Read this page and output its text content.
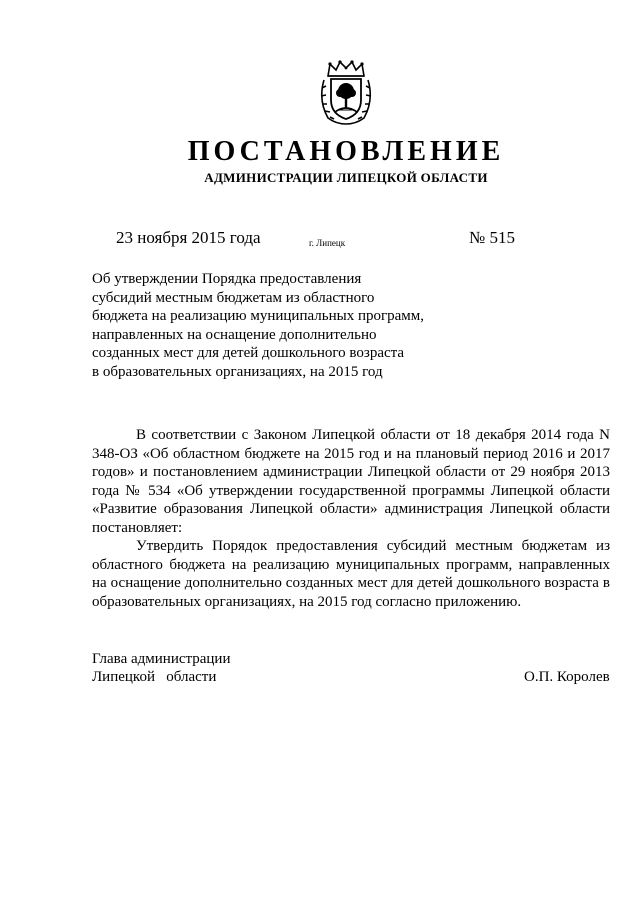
ПОСТАНОВЛЕНИЕ
АДМИНИСТРАЦИИ ЛИПЕЦКОЙ ОБЛАСТИ
23 ноября 2015 года	г. Липецк	№ 515
Об утверждении Порядка предоставления
субсидий местным бюджетам из областного
бюджета на реализацию муниципальных программ,
направленных на оснащение дополнительно
созданных мест для детей дошкольного возраста
в образовательных организациях, на 2015 год

В соответствии с Законом Липецкой области от 18 декабря 2014 года N 348-ОЗ «Об областном бюджете на 2015 год и на плановый период 2016 и 2017 годов» и постановлением администрации Липецкой области от 29 ноября 2013 года № 534 «Об утверждении государственной программы Липецкой области «Развитие образования Липецкой области» администрация Липецкой области постановляет:

Утвердить Порядок предоставления субсидий местным бюджетам из областного бюджета на реализацию муниципальных программ, направленных на оснащение дополнительно созданных мест для детей дошкольного возраста в образовательных организациях, на 2015 год согласно приложению.

Глава администрации
Липецкой   области	О.П. Королев
